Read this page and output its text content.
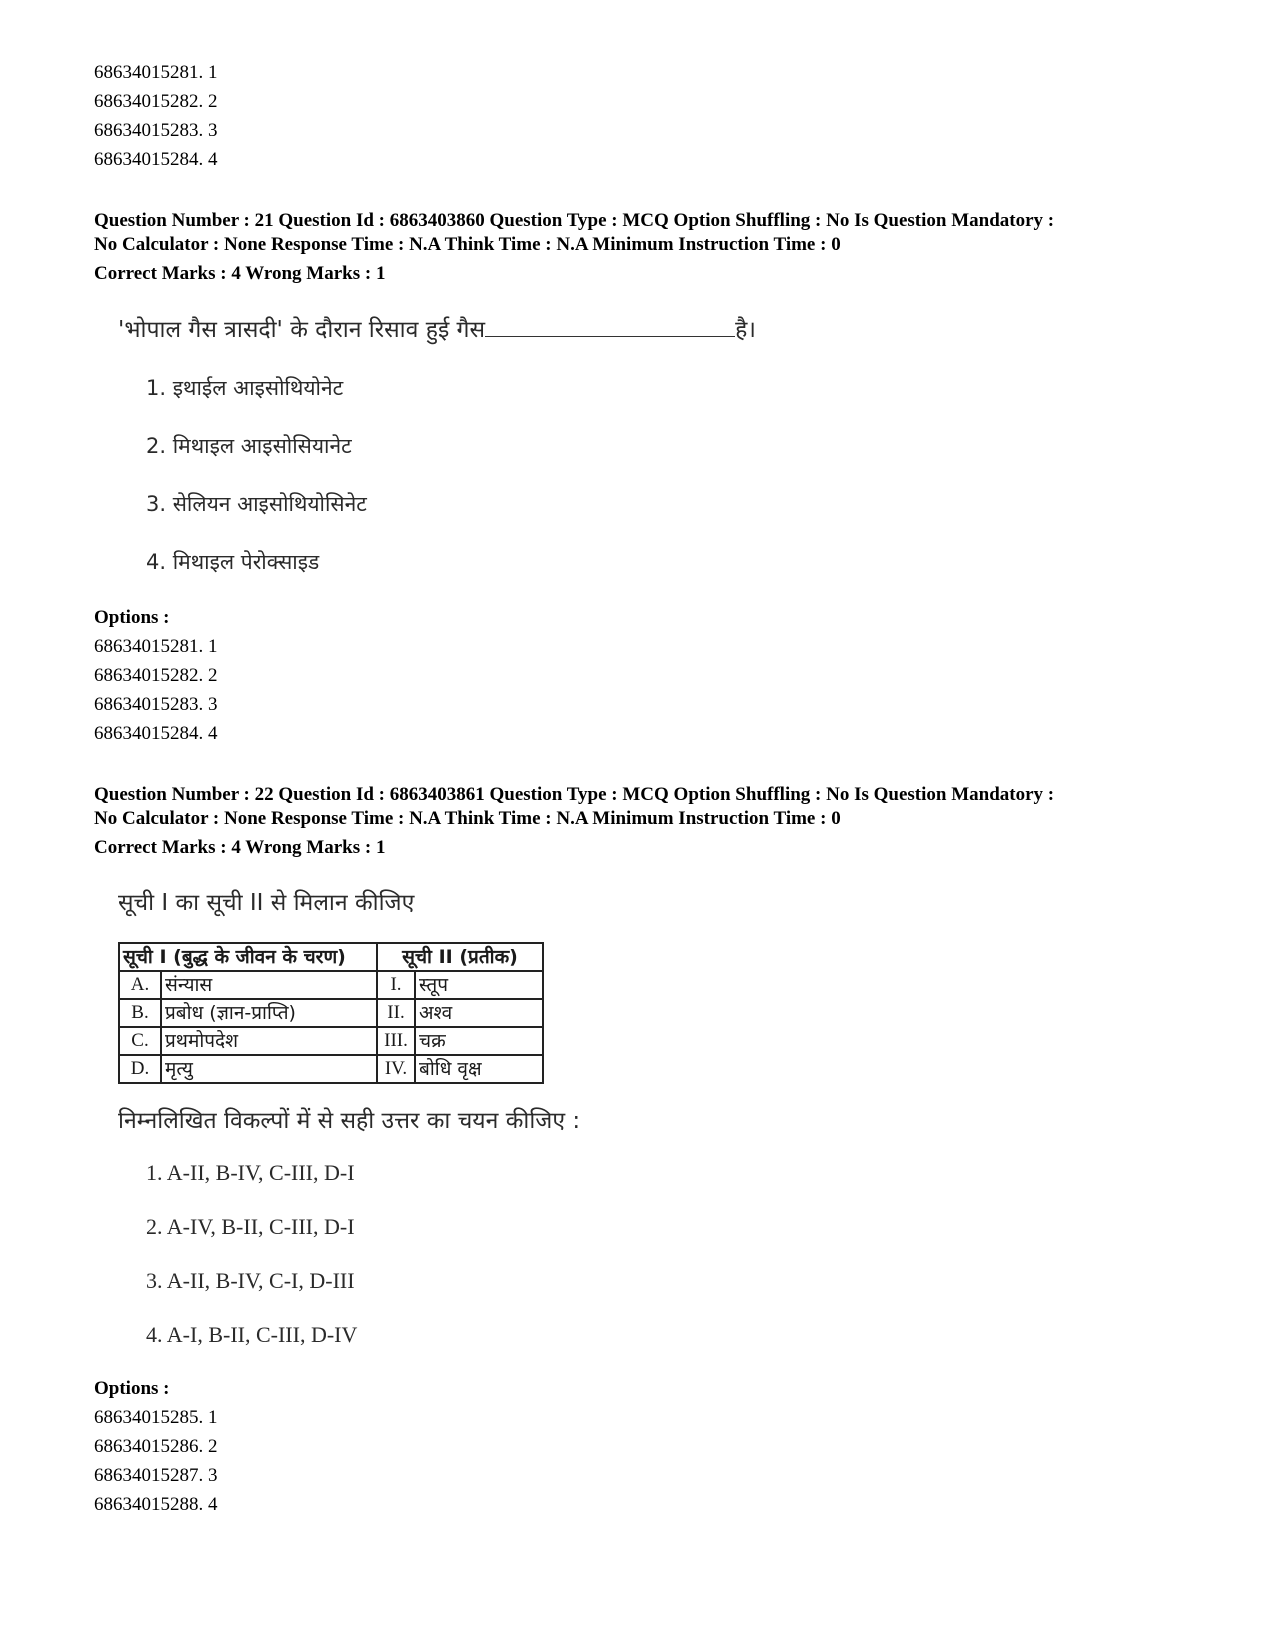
68634015281. 1
68634015282. 2
68634015283. 3
68634015284. 4
Question Number : 21 Question Id : 6863403860 Question Type : MCQ Option Shuffling : No Is Question Mandatory :
No Calculator : None Response Time : N.A Think Time : N.A Minimum Instruction Time : 0
Correct Marks : 4 Wrong Marks : 1
'भोपाल गैस त्रासदी' के दौरान रिसाव हुई गैस	है।
1. इथाईल आइसोथियोनेट
2. मिथाइल आइसोसियानेट
3. सेलियन आइसोथियोसिनेट
4. मिथाइल पेरोक्साइड
Options :
68634015281. 1
68634015282. 2
68634015283. 3
68634015284. 4
Question Number : 22 Question Id : 6863403861 Question Type : MCQ Option Shuffling : No Is Question Mandatory :
No Calculator : None Response Time : N.A Think Time : N.A Minimum Instruction Time : 0
Correct Marks : 4 Wrong Marks : 1
सूची I का सूची II से मिलान कीजिए
सूची I (बुद्ध के जीवन के चरण)		सूची II (प्रतीक)	
A.	संन्यास	I.	स्तूप
B.	प्रबोध (ज्ञान-प्राप्ति)	II.	अश्व
C.	प्रथमोपदेश	III.	चक्र
D.	मृत्यु	IV.	बोधि वृक्ष
निम्नलिखित विकल्पों में से सही उत्तर का चयन कीजिए :
1. A-II, B-IV, C-III, D-I
2. A-IV, B-II, C-III, D-I
3. A-II, B-IV, C-I, D-III
4. A-I, B-II, C-III, D-IV
Options :
68634015285. 1
68634015286. 2
68634015287. 3
68634015288. 4
